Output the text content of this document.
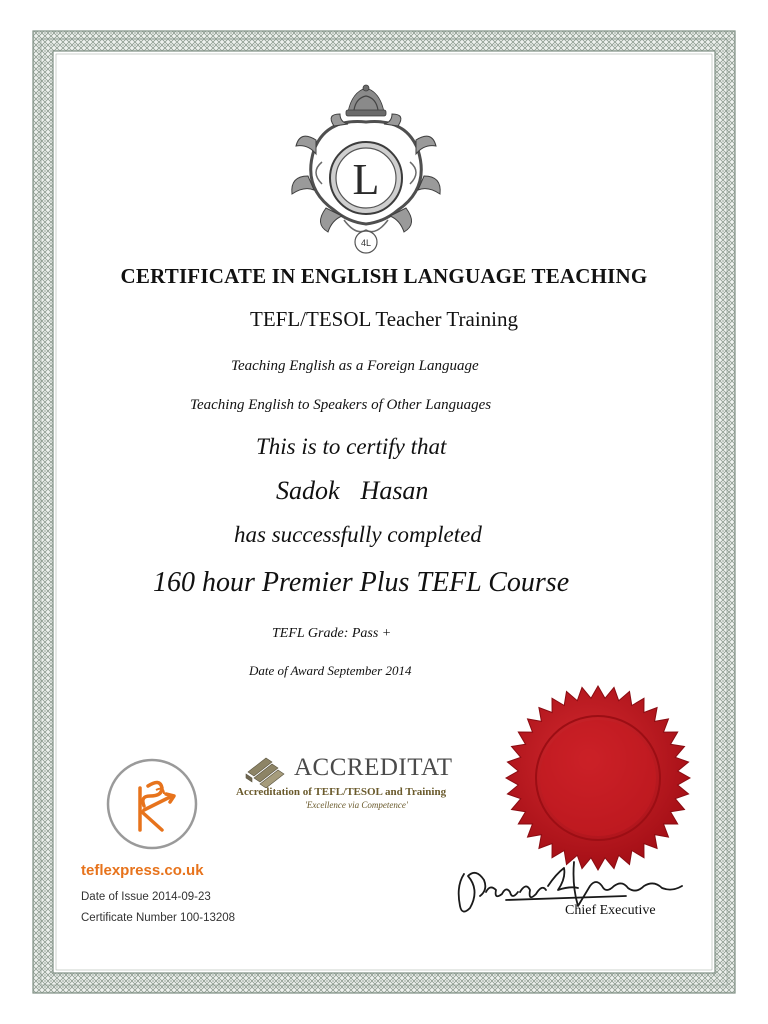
L
4L
CERTIFICATE IN ENGLISH LANGUAGE TEACHING
TEFL/TESOL Teacher Training
Teaching English as a Foreign Language
Teaching English to Speakers of Other Languages
This is to certify that
Sadok  Hasan
has successfully completed
160 hour Premier Plus TEFL Course
TEFL Grade: Pass +
Date of Award September 2014
teflexpress.co.uk
Date of Issue 2014-09-23
Certificate Number 100-13208
ACCREDITAT
Accreditation of TEFL/TESOL and Training
'Excellence via Competence'
Chief Executive
